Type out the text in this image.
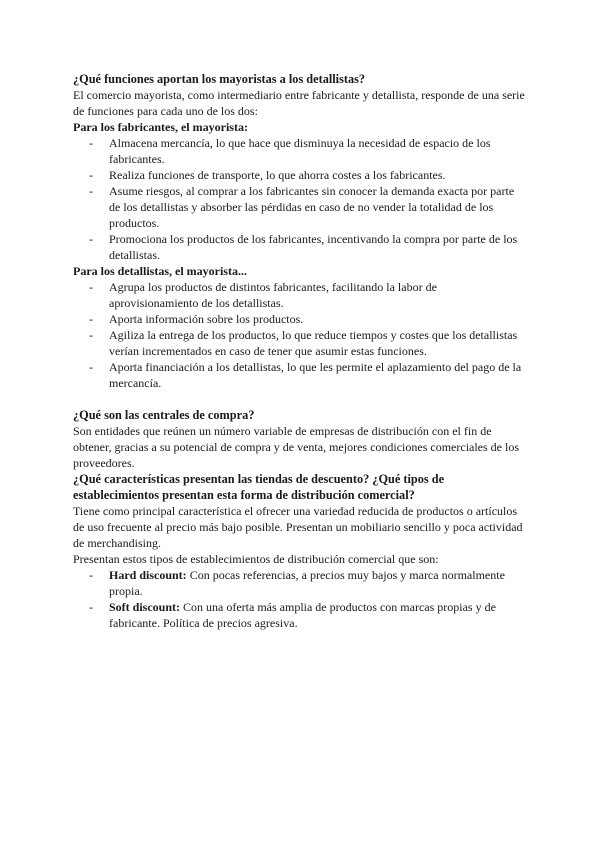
¿Qué funciones aportan los mayoristas a los detallistas?

El comercio mayorista, como intermediario entre fabricante y detallista, responde de una serie de funciones para cada uno de los dos:

Para los fabricantes, el mayorista:

- Almacena mercancía, lo que hace que disminuya la necesidad de espacio de los fabricantes.
- Realiza funciones de transporte, lo que ahorra costes a los fabricantes.
- Asume riesgos, al comprar a los fabricantes sin conocer la demanda exacta por parte de los detallistas y absorber las pérdidas en caso de no vender la totalidad de los productos.
- Promociona los productos de los fabricantes, incentivando la compra por parte de los detallistas.

Para los detallistas, el mayorista...

- Agrupa los productos de distintos fabricantes, facilitando la labor de aprovisionamiento de los detallistas.
- Aporta información sobre los productos.
- Agiliza la entrega de los productos, lo que reduce tiempos y costes que los detallistas verían incrementados en caso de tener que asumir estas funciones.
- Aporta financiación a los detallistas, lo que les permite el aplazamiento del pago de la mercancía.

¿Qué son las centrales de compra?

Son entidades que reúnen un número variable de empresas de distribución con el fin de obtener, gracias a su potencial de compra y de venta, mejores condiciones comerciales de los proveedores.

¿Qué características presentan las tiendas de descuento? ¿Qué tipos de establecimientos presentan esta forma de distribución comercial?

Tiene como principal característica el ofrecer una variedad reducida de productos o artículos de uso frecuente al precio más bajo posible. Presentan un mobiliario sencillo y poca actividad de merchandising.

Presentan estos tipos de establecimientos de distribución comercial que son:

- Hard discount: Con pocas referencias, a precios muy bajos y marca normalmente propia.
- Soft discount: Con una oferta más amplia de productos con marcas propias y de fabricante. Política de precios agresiva.
